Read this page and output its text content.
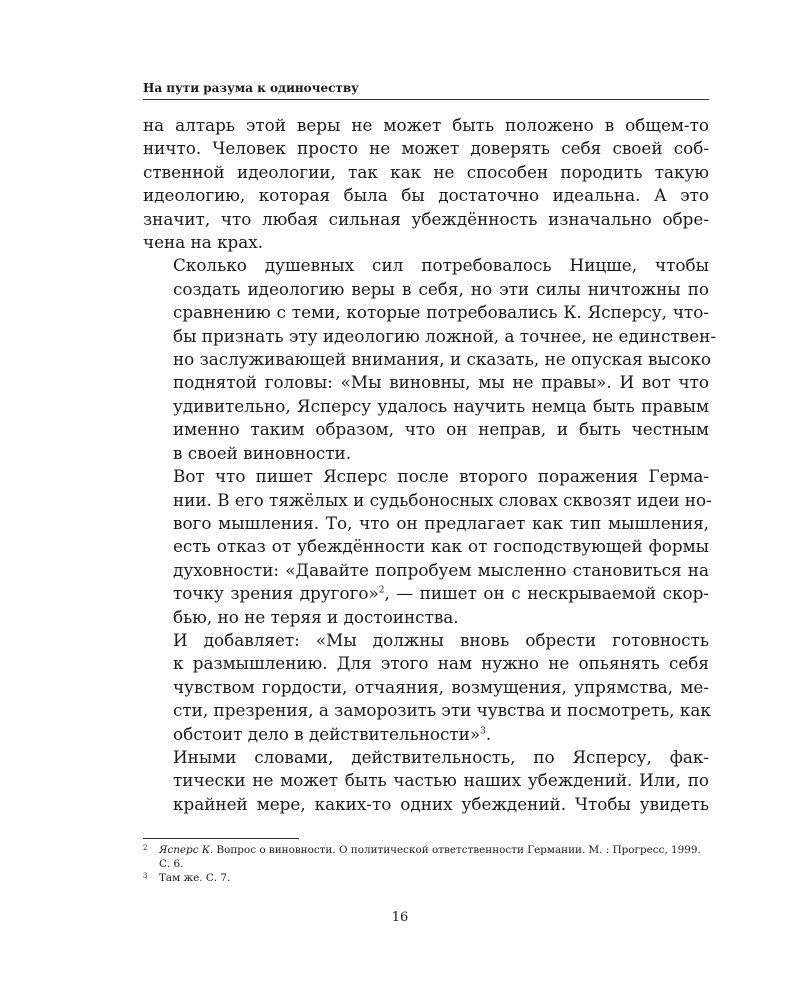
На пути разума к одиночеству

на алтарь этой веры не может быть положено в общем-то
ничто. Человек просто не может доверять себя своей соб-
ственной идеологии, так как не способен породить такую
идеологию, которая была бы достаточно идеальна. А это
значит, что любая сильная убеждённость изначально обре-
чена на крах.

Сколько душевных сил потребовалось Ницше, чтобы
создать идеологию веры в себя, но эти силы ничтожны по
сравнению с теми, которые потребовались К. Ясперсу, что-
бы признать эту идеологию ложной, а точнее, не единствен-
но заслуживающей внимания, и сказать, не опуская высоко
поднятой головы: «Мы виновны, мы не правы». И вот что
удивительно, Ясперсу удалось научить немца быть правым
именно таким образом, что он неправ, и быть честным
в своей виновности.

Вот что пишет Ясперс после второго поражения Герма-
нии. В его тяжёлых и судьбоносных словах сквозят идеи но-
вого мышления. То, что он предлагает как тип мышления,
есть отказ от убеждённости как от господствующей формы
духовности: «Давайте попробуем мысленно становиться на
точку зрения другого»$^2$, — пишет он с нескрываемой скор-
бью, но не теряя и достоинства.

И добавляет: «Мы должны вновь обрести готовность
к размышлению. Для этого нам нужно не опьянять себя
чувством гордости, отчаяния, возмущения, упрямства, ме-
сти, презрения, а заморозить эти чувства и посмотреть, как
обстоит дело в действительности»$^3$.

Иными словами, действительность, по Ясперсу, фак-
тически не может быть частью наших убеждений. Или, по
крайней мере, каких-то одних убеждений. Чтобы увидеть

2 Ясперс К. Вопрос о виновности. О политической ответственности Германии. М. : Прогресс, 1999. С. 6.
3 Там же. С. 7.
16
